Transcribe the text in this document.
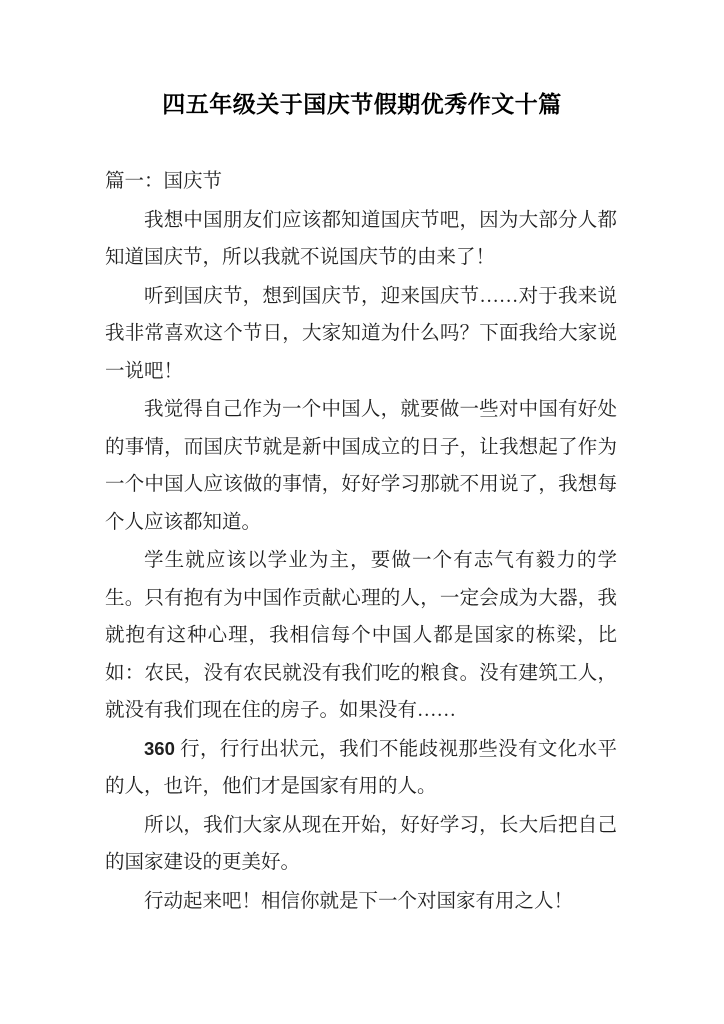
四五年级关于国庆节假期优秀作文十篇

篇一：国庆节

我想中国朋友们应该都知道国庆节吧，因为大部分人都知道国庆节，所以我就不说国庆节的由来了！

听到国庆节，想到国庆节，迎来国庆节……对于我来说我非常喜欢这个节日，大家知道为什么吗？下面我给大家说一说吧！

我觉得自己作为一个中国人，就要做一些对中国有好处的事情，而国庆节就是新中国成立的日子，让我想起了作为一个中国人应该做的事情，好好学习那就不用说了，我想每个人应该都知道。

学生就应该以学业为主，要做一个有志气有毅力的学生。只有抱有为中国作贡献心理的人，一定会成为大器，我就抱有这种心理，我相信每个中国人都是国家的栋梁，比如：农民，没有农民就没有我们吃的粮食。没有建筑工人，就没有我们现在住的房子。如果没有……

360 行，行行出状元，我们不能歧视那些没有文化水平的人，也许，他们才是国家有用的人。

所以，我们大家从现在开始，好好学习，长大后把自己的国家建设的更美好。

行动起来吧！相信你就是下一个对国家有用之人！
